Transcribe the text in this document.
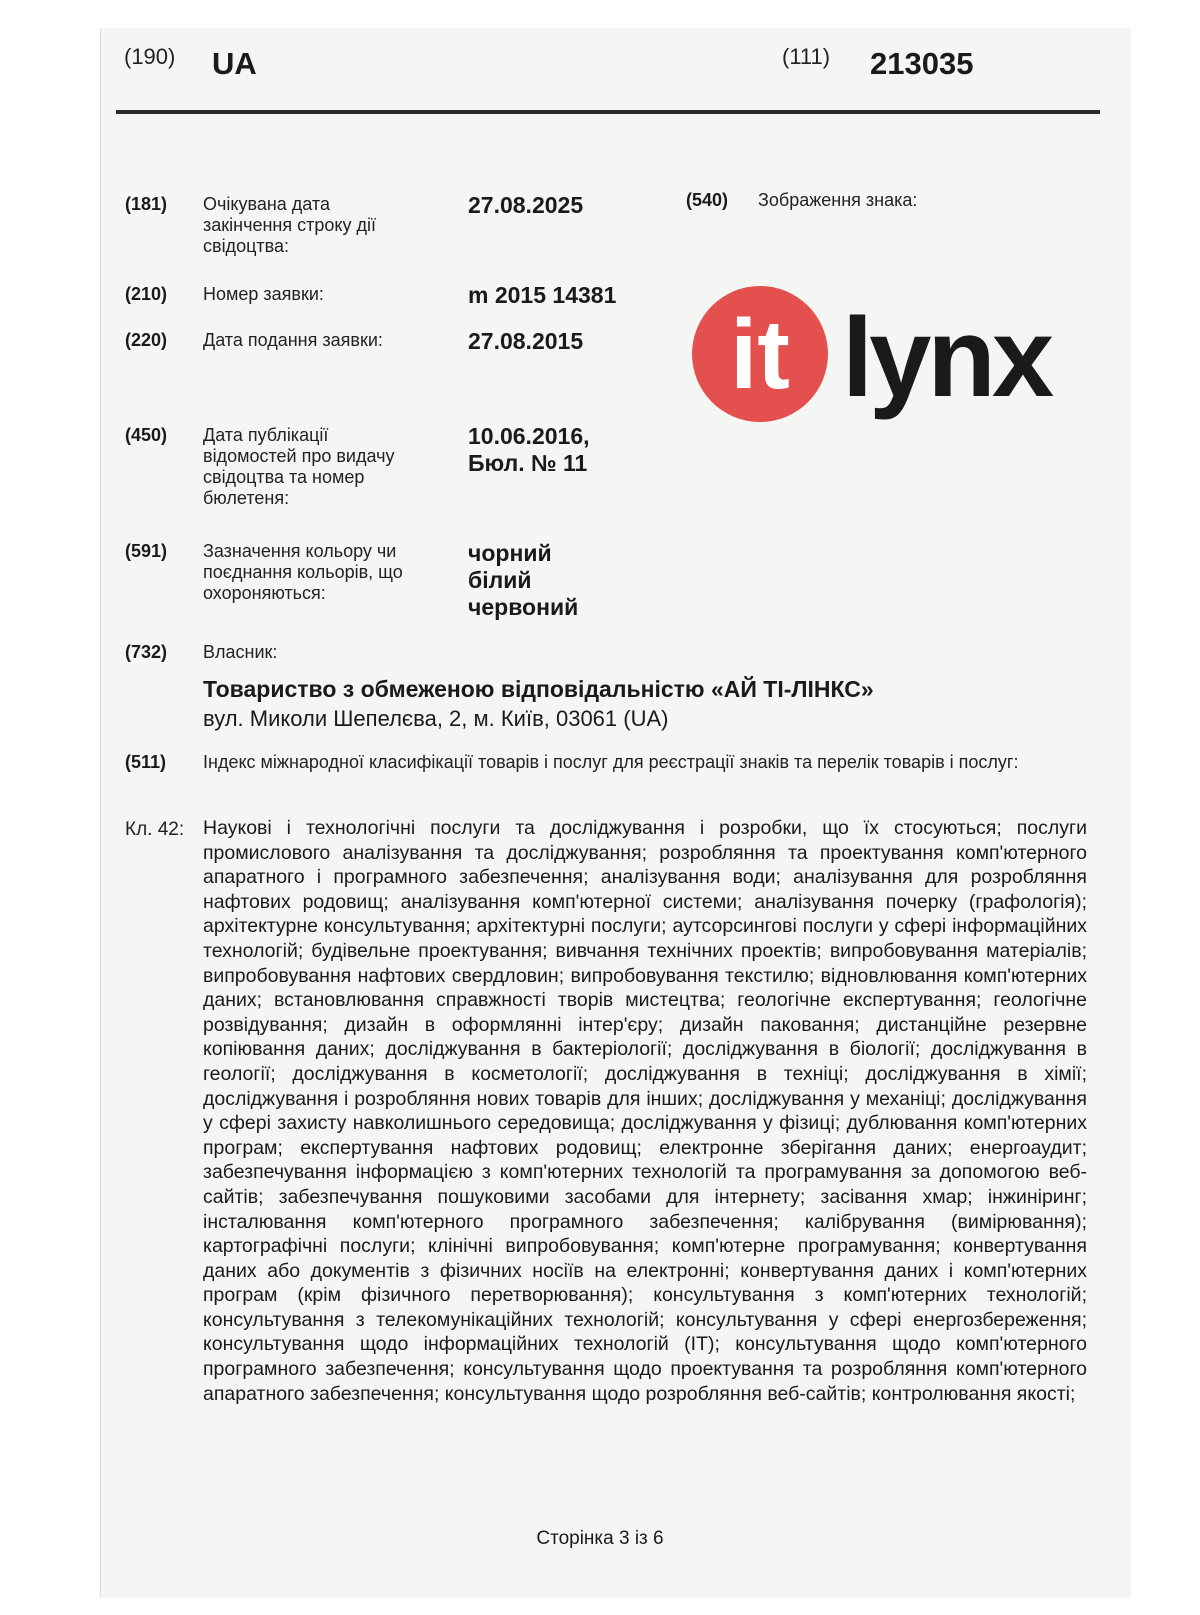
(190) UA	(111) 213035
(181) Очікувана дата закінчення строку дії свідоцтва:
27.08.2025
(210) Номер заявки:	m 2015 14381
(220) Дата подання заявки:	27.08.2015
(450) Дата публікації відомостей про видачу свідоцтва та номер бюлетеня:
10.06.2016,
Бюл. № 11
(591) Зазначення кольору чи поєднання кольорів, що охороняються:
чорний
білий
червоний
(540) Зображення знака:
it lynx
(732) Власник:
Товариство з обмеженою відповідальністю «АЙ ТІ-ЛІНКС»
вул. Миколи Шепелєва, 2, м. Київ, 03061 (UA)
(511) Індекс міжнародної класифікації товарів і послуг для реєстрації знаків та перелік товарів і послуг:
Кл. 42: Наукові і технологічні послуги та досліджування і розробки, що їх стосуються; послуги промислового аналізування та досліджування; розробляння та проектування комп'ютерного апаратного і програмного забезпечення; аналізування води; аналізування для розробляння нафтових родовищ; аналізування комп'ютерної системи; аналізування почерку (графологія); архітектурне консультування; архітектурні послуги; аутсорсингові послуги у сфері інформаційних технологій; будівельне проектування; вивчання технічних проектів; випробовування матеріалів; випробовування нафтових свердловин; випробовування текстилю; відновлювання комп'ютерних даних; встановлювання справжності творів мистецтва; геологічне експертування; геологічне розвідування; дизайн в оформлянні інтер'єру; дизайн паковання; дистанційне резервне копіювання даних; досліджування в бактеріології; досліджування в біології; досліджування в геології; досліджування в косметології; досліджування в техніці; досліджування в хімії; досліджування і розробляння нових товарів для інших; досліджування у механіці; досліджування у сфері захисту навколишнього середовища; досліджування у фізиці; дублювання комп'ютерних програм; експертування нафтових родовищ; електронне зберігання даних; енергоаудит; забезпечування інформацією з комп'ютерних технологій та програмування за допомогою веб-сайтів; забезпечування пошуковими засобами для інтернету; засівання хмар; інжиніринг; інсталювання комп'ютерного програмного забезпечення; калібрування (вимірювання); картографічні послуги; клінічні випробовування; комп'ютерне програмування; конвертування даних або документів з фізичних носіїв на електронні; конвертування даних і комп'ютерних програм (крім фізичного перетворювання); консультування з комп'ютерних технологій; консультування з телекомунікаційних технологій; консультування у сфері енергозбереження; консультування щодо інформаційних технологій (ІТ); консультування щодо комп'ютерного програмного забезпечення; консультування щодо проектування та розробляння комп'ютерного апаратного забезпечення; консультування щодо розробляння веб-сайтів; контролювання якості;
Сторінка 3 із 6
